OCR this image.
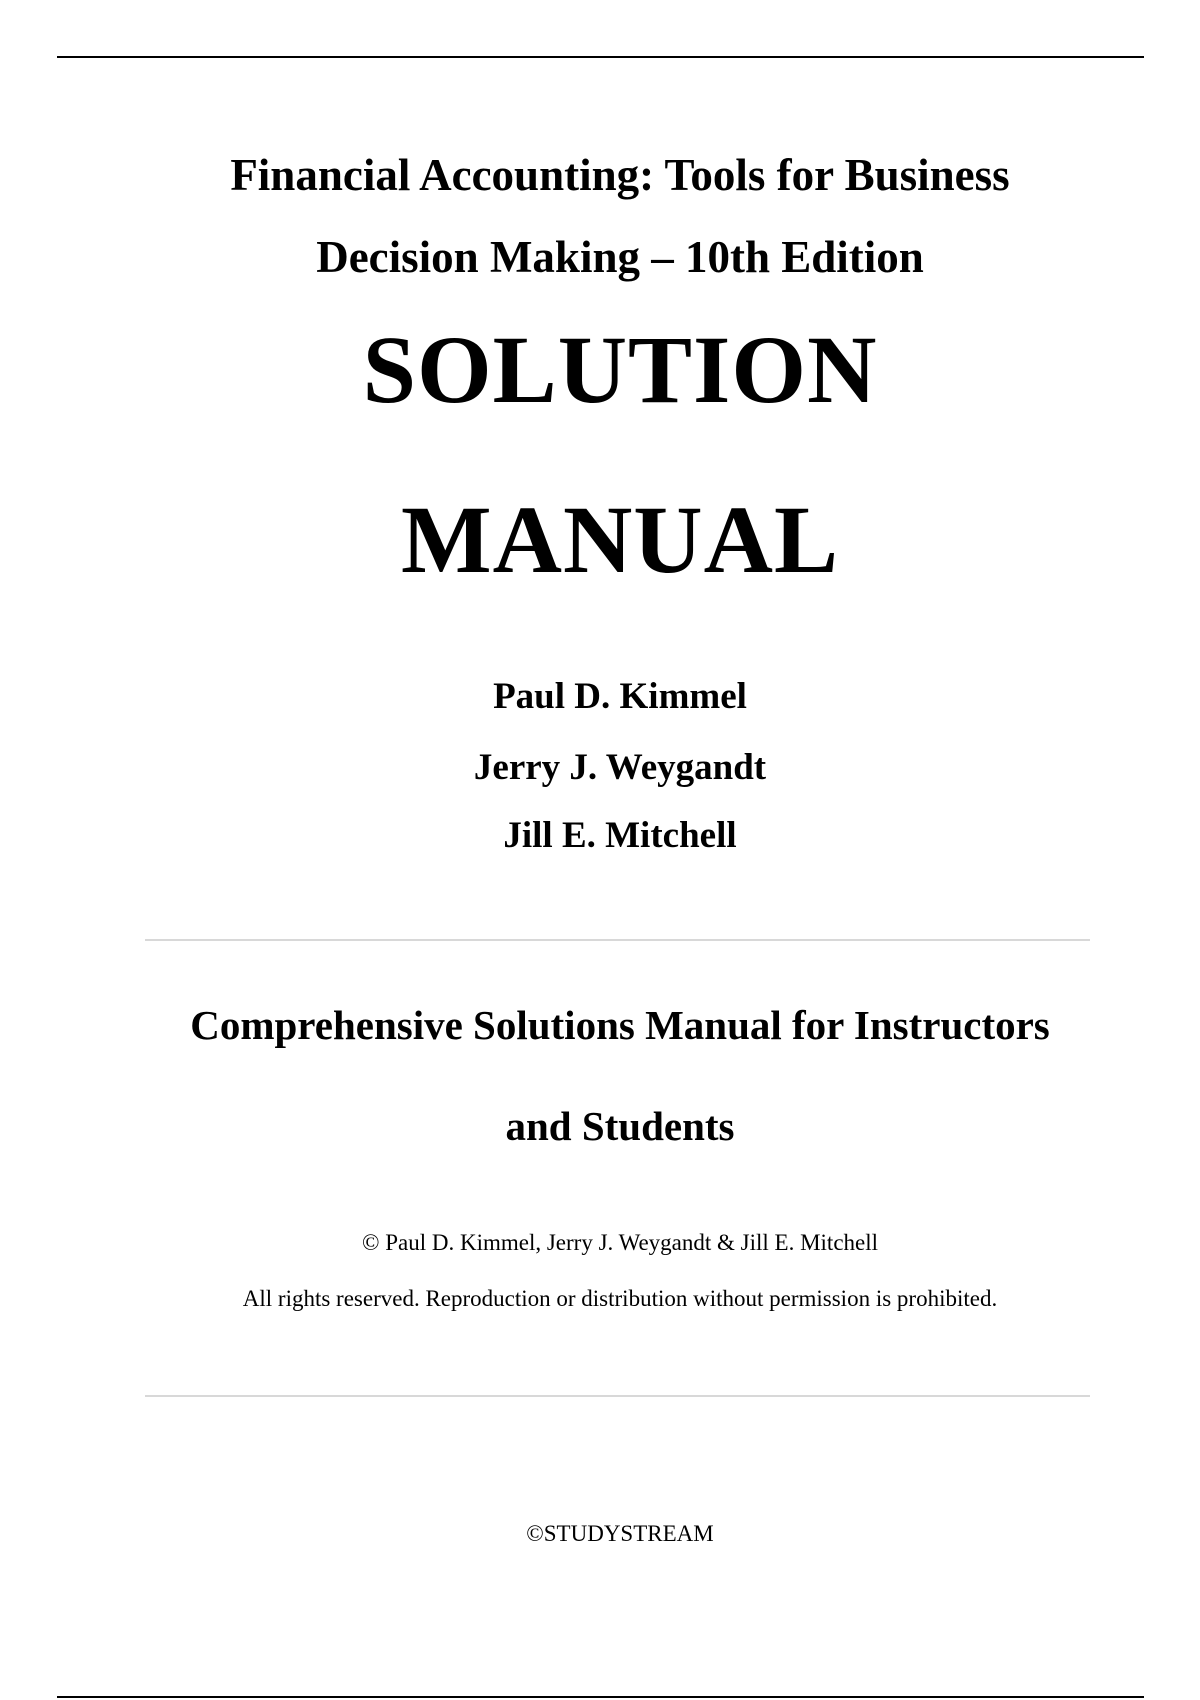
Financial Accounting: Tools for Business
Decision Making – 10th Edition
SOLUTION
MANUAL
Paul D. Kimmel
Jerry J. Weygandt
Jill E. Mitchell
Comprehensive Solutions Manual for Instructors
and Students
© Paul D. Kimmel, Jerry J. Weygandt & Jill E. Mitchell
All rights reserved. Reproduction or distribution without permission is prohibited.
©STUDYSTREAM
